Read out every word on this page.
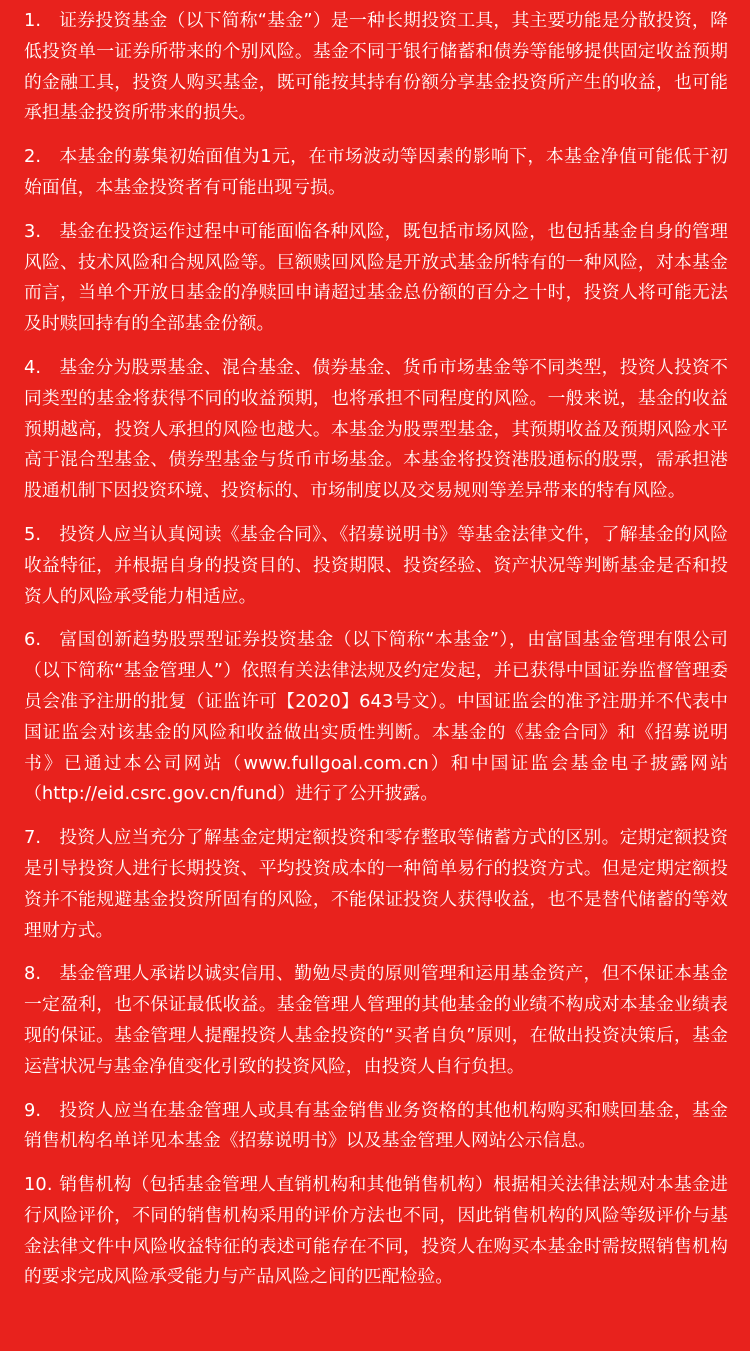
1. 证券投资基金（以下简称“基金”）是一种长期投资工具，其主要功能是分散投资，降低投资单一证券所带来的个别风险。基金不同于银行储蓄和债券等能够提供固定收益预期的金融工具，投资人购买基金，既可能按其持有份额分享基金投资所产生的收益，也可能承担基金投资所带来的损失。

2. 本基金的募集初始面值为1元，在市场波动等因素的影响下，本基金净值可能低于初始面值，本基金投资者有可能出现亏损。

3. 基金在投资运作过程中可能面临各种风险，既包括市场风险，也包括基金自身的管理风险、技术风险和合规风险等。巨额赎回风险是开放式基金所特有的一种风险，对本基金而言，当单个开放日基金的净赎回申请超过基金总份额的百分之十时，投资人将可能无法及时赎回持有的全部基金份额。

4. 基金分为股票基金、混合基金、债券基金、货币市场基金等不同类型，投资人投资不同类型的基金将获得不同的收益预期，也将承担不同程度的风险。一般来说，基金的收益预期越高，投资人承担的风险也越大。本基金为股票型基金，其预期收益及预期风险水平高于混合型基金、债券型基金与货币市场基金。本基金将投资港股通标的股票，需承担港股通机制下因投资环境、投资标的、市场制度以及交易规则等差异带来的特有风险。

5. 投资人应当认真阅读《基金合同》、《招募说明书》等基金法律文件，了解基金的风险收益特征，并根据自身的投资目的、投资期限、投资经验、资产状况等判断基金是否和投资人的风险承受能力相适应。

6. 富国创新趋势股票型证券投资基金（以下简称“本基金”），由富国基金管理有限公司（以下简称“基金管理人”）依照有关法律法规及约定发起，并已获得中国证券监督管理委员会准予注册的批复（证监许可【2020】643号文）。中国证监会的准予注册并不代表中国证监会对该基金的风险和收益做出实质性判断。本基金的《基金合同》和《招募说明书》已通过本公司网站（www.fullgoal.com.cn）和中国证监会基金电子披露网站（http://eid.csrc.gov.cn/fund）进行了公开披露。

7. 投资人应当充分了解基金定期定额投资和零存整取等储蓄方式的区别。定期定额投资是引导投资人进行长期投资、平均投资成本的一种简单易行的投资方式。但是定期定额投资并不能规避基金投资所固有的风险，不能保证投资人获得收益，也不是替代储蓄的等效理财方式。

8. 基金管理人承诺以诚实信用、勤勉尽责的原则管理和运用基金资产，但不保证本基金一定盈利，也不保证最低收益。基金管理人管理的其他基金的业绩不构成对本基金业绩表现的保证。基金管理人提醒投资人基金投资的“买者自负”原则，在做出投资决策后，基金运营状况与基金净值变化引致的投资风险，由投资人自行负担。

9. 投资人应当在基金管理人或具有基金销售业务资格的其他机构购买和赎回基金，基金销售机构名单详见本基金《招募说明书》以及基金管理人网站公示信息。

10. 销售机构（包括基金管理人直销机构和其他销售机构）根据相关法律法规对本基金进行风险评价，不同的销售机构采用的评价方法也不同，因此销售机构的风险等级评价与基金法律文件中风险收益特征的表述可能存在不同，投资人在购买本基金时需按照销售机构的要求完成风险承受能力与产品风险之间的匹配检验。
